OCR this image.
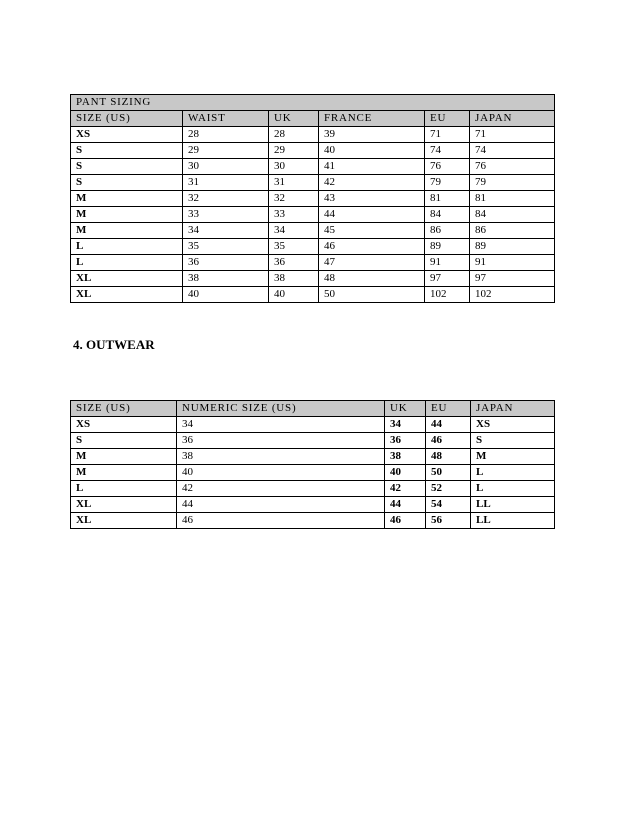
PANT SIZING					
SIZE (US)	WAIST	UK	FRANCE	EU	JAPAN
XS	28	28	39	71	71
S	29	29	40	74	74
S	30	30	41	76	76
S	31	31	42	79	79
M	32	32	43	81	81
M	33	33	44	84	84
M	34	34	45	86	86
L	35	35	46	89	89
L	36	36	47	91	91
XL	38	38	48	97	97
XL	40	40	50	102	102
4. OUTWEAR
SIZE (US)	NUMERIC SIZE (US)	UK	EU	JAPAN
XS	34	34	44	XS
S	36	36	46	S
M	38	38	48	M
M	40	40	50	L
L	42	42	52	L
XL	44	44	54	LL
XL	46	46	56	LL
